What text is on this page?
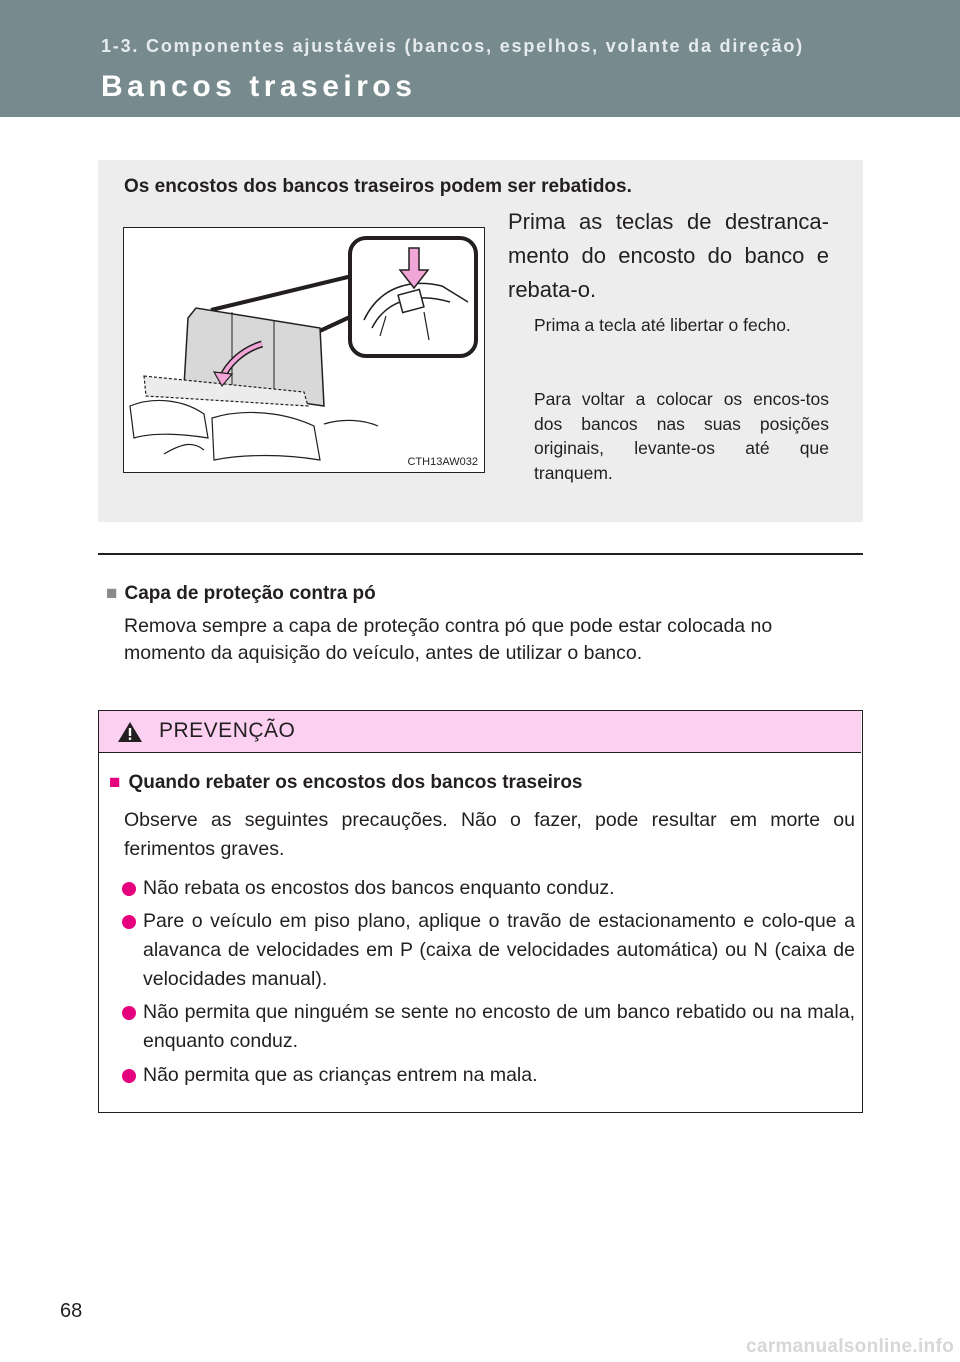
1-3. Componentes ajustáveis (bancos, espelhos, volante da direção)
Bancos traseiros
Os encostos dos bancos traseiros podem ser rebatidos.
CTH13AW032
Prima as teclas de destranca-mento do encosto do banco e rebata-o.
Prima a tecla até libertar o fecho.
Para voltar a colocar os encos-tos dos bancos nas suas posições originais, levante-os até que tranquem.
■ Capa de proteção contra pó
Remova sempre a capa de proteção contra pó que pode estar colocada no momento da aquisição do veículo, antes de utilizar o banco.
PREVENÇÃO
■ Quando rebater os encostos dos bancos traseiros
Observe as seguintes precauções. Não o fazer, pode resultar em morte ou ferimentos graves.
Não rebata os encostos dos bancos enquanto conduz.
Pare o veículo em piso plano, aplique o travão de estacionamento e colo-que a alavanca de velocidades em P (caixa de velocidades automática) ou N (caixa de velocidades manual).
Não permita que ninguém se sente no encosto de um banco rebatido ou na mala, enquanto conduz.
Não permita que as crianças entrem na mala.
68
carmanualsonline.info
